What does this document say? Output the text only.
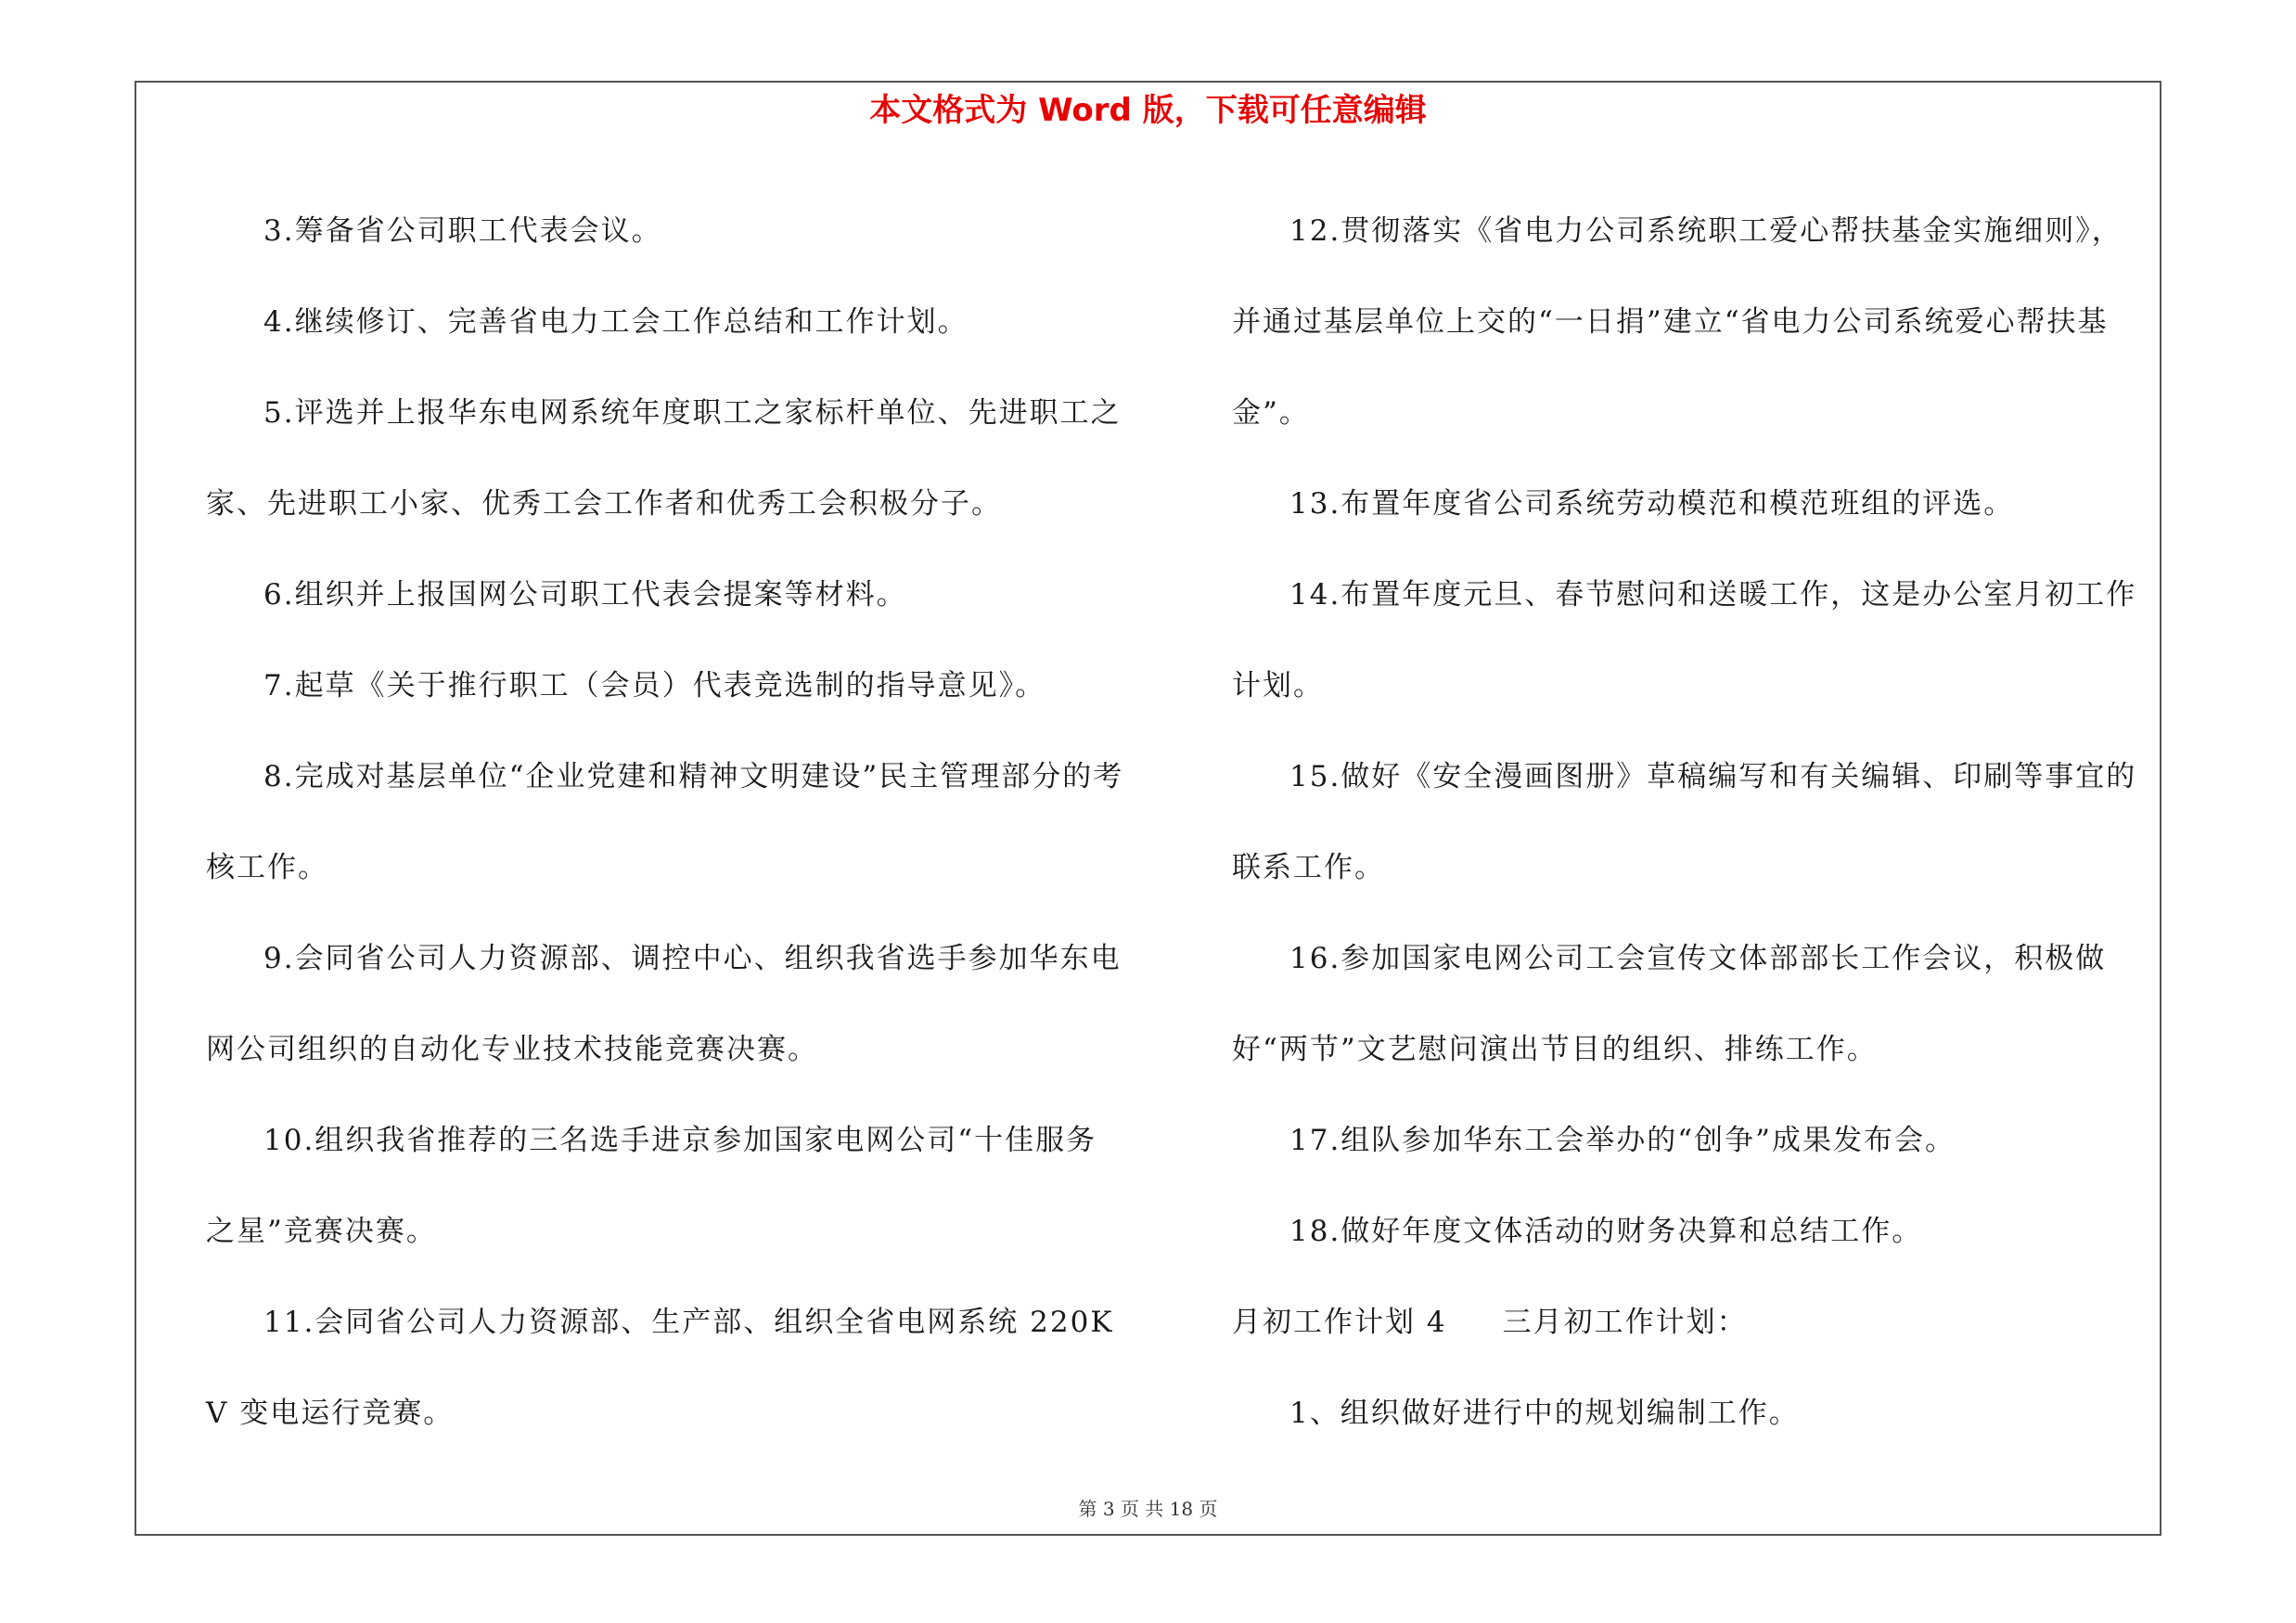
本文格式为 Word 版，下载可任意编辑

3.筹备省公司职工代表会议。

4.继续修订、完善省电力工会工作总结和工作计划。

5.评选并上报华东电网系统年度职工之家标杆单位、先进职工之家、先进职工小家、优秀工会工作者和优秀工会积极分子。

6.组织并上报国网公司职工代表会提案等材料。

7.起草《关于推行职工（会员）代表竞选制的指导意见》。

8.完成对基层单位“企业党建和精神文明建设”民主管理部分的考核工作。

9.会同省公司人力资源部、调控中心、组织我省选手参加华东电网公司组织的自动化专业技术技能竞赛决赛。

10.组织我省推荐的三名选手进京参加国家电网公司“十佳服务之星”竞赛决赛。

11.会同省公司人力资源部、生产部、组织全省电网系统 220KV 变电运行竞赛。

12.贯彻落实《省电力公司系统职工爱心帮扶基金实施细则》，并通过基层单位上交的“一日捐”建立“省电力公司系统爱心帮扶基金”。

13.布置年度省公司系统劳动模范和模范班组的评选。

14.布置年度元旦、春节慰问和送暖工作，这是办公室月初工作计划。

15.做好《安全漫画图册》草稿编写和有关编辑、印刷等事宜的联系工作。

16.参加国家电网公司工会宣传文体部部长工作会议，积极做好“两节”文艺慰问演出节目的组织、排练工作。

17.组队参加华东工会举办的“创争”成果发布会。

18.做好年度文体活动的财务决算和总结工作。

月初工作计划 4 三月初工作计划：

1、组织做好进行中的规划编制工作。

第 3 页 共 18 页
